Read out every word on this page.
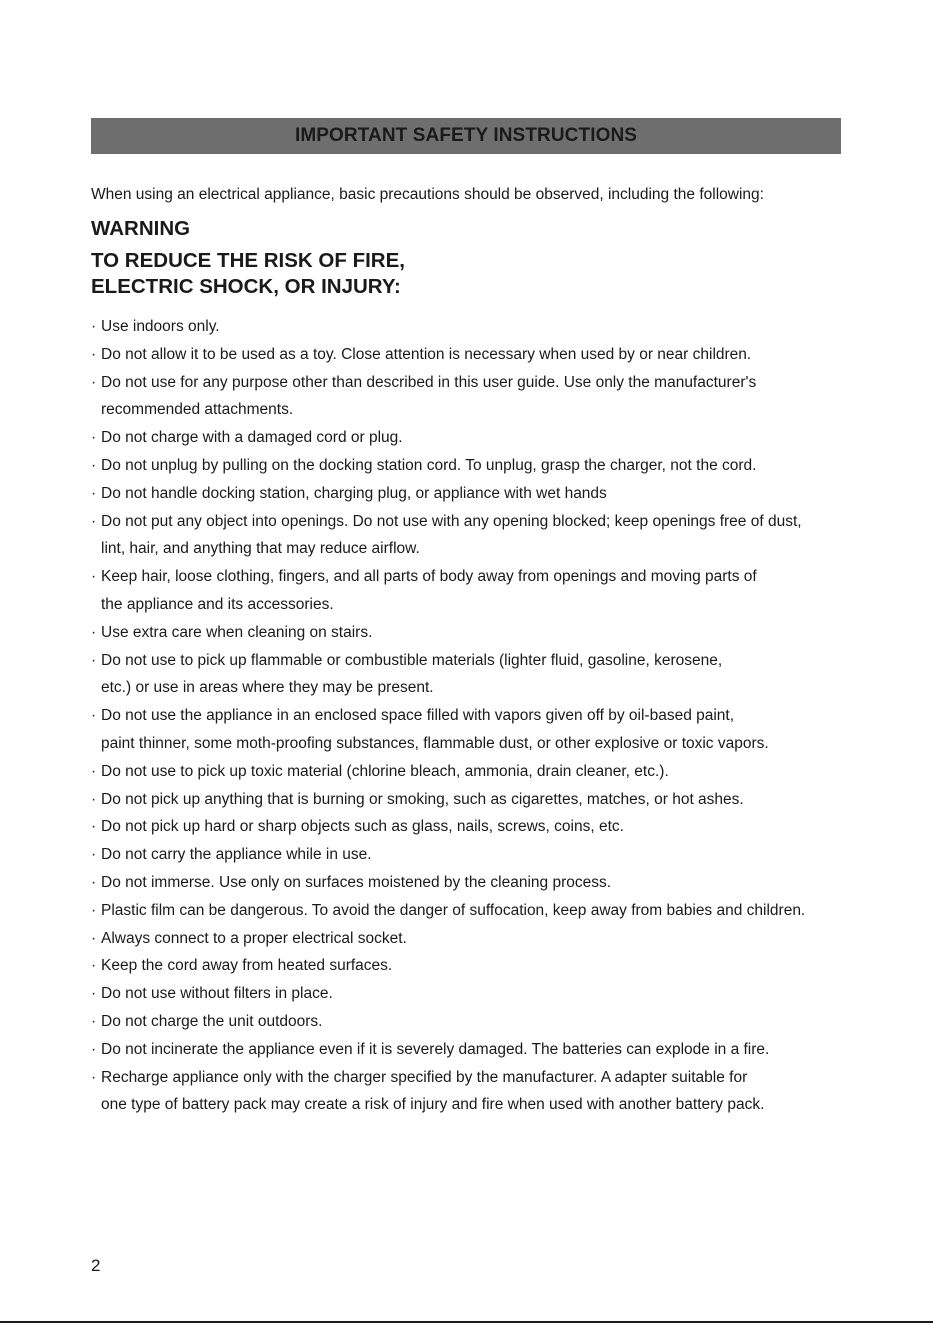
IMPORTANT SAFETY INSTRUCTIONS
When using an electrical appliance, basic precautions should be observed, including the following:
WARNING
TO REDUCE THE RISK OF FIRE,
ELECTRIC SHOCK, OR INJURY:
· Use indoors only.
· Do not allow it to be used as a toy. Close attention is necessary when used by or near children.
· Do not use for any purpose other than described in this user guide. Use only the manufacturer's
recommended attachments.
· Do not charge with a damaged cord or plug.
· Do not unplug by pulling on the docking station cord. To unplug, grasp the charger, not the cord.
· Do not handle docking station, charging plug, or appliance with wet hands
· Do not put any object into openings. Do not use with any opening blocked; keep openings free of dust,
lint, hair, and anything that may reduce airflow.
· Keep hair, loose clothing, fingers, and all parts of body away from openings and moving parts of
the appliance and its accessories.
· Use extra care when cleaning on stairs.
· Do not use to pick up flammable or combustible materials (lighter fluid, gasoline, kerosene,
etc.) or use in areas where they may be present.
· Do not use the appliance in an enclosed space filled with vapors given off by oil-based paint,
paint thinner, some moth-proofing substances, flammable dust, or other explosive or toxic vapors.
· Do not use to pick up toxic material (chlorine bleach, ammonia, drain cleaner, etc.).
· Do not pick up anything that is burning or smoking, such as cigarettes, matches, or hot ashes.
· Do not pick up hard or sharp objects such as glass, nails, screws, coins, etc.
· Do not carry the appliance while in use.
· Do not immerse. Use only on surfaces moistened by the cleaning process.
· Plastic film can be dangerous. To avoid the danger of suffocation, keep away from babies and children.
· Always connect to a proper electrical socket.
· Keep the cord away from heated surfaces.
· Do not use without filters in place.
· Do not charge the unit outdoors.
· Do not incinerate the appliance even if it is severely damaged. The batteries can explode in a fire.
· Recharge appliance only with the charger specified by the manufacturer. A adapter suitable for
one type of battery pack may create a risk of injury and fire when used with another battery pack.
2
